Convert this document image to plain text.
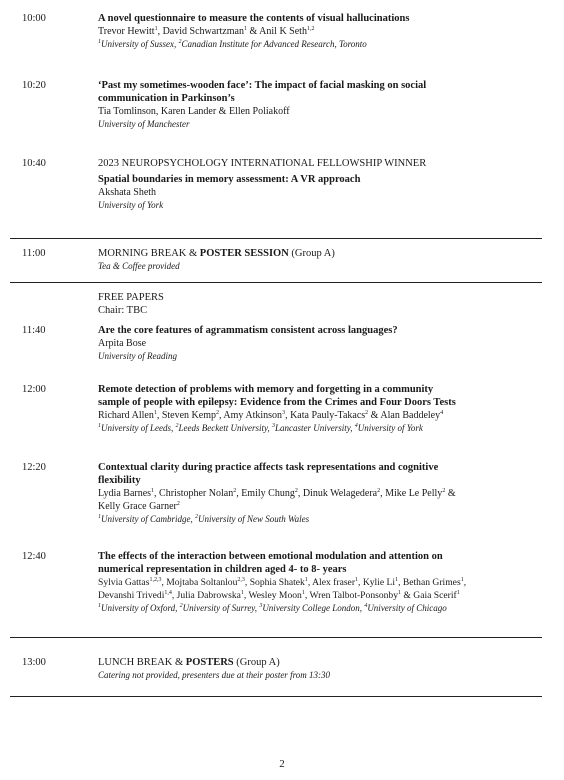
10:00	A novel questionnaire to measure the contents of visual hallucinations
Trevor Hewitt$^1$, David Schwartzman$^1$ & Anil K Seth$^{1,2}$
$^1$University of Sussex, $^2$Canadian Institute for Advanced Research, Toronto
10:20	‘Past my sometimes-wooden face’: The impact of facial masking on social
communication in Parkinson’s
Tia Tomlinson, Karen Lander & Ellen Poliakoff
University of Manchester
10:40	2023 NEUROPSYCHOLOGY INTERNATIONAL FELLOWSHIP WINNER
Spatial boundaries in memory assessment: A VR approach
Akshata Sheth
University of York
11:00	MORNING BREAK & POSTER SESSION (Group A)
Tea & Coffee provided
FREE PAPERS
Chair: TBC
11:40	Are the core features of agrammatism consistent across languages?
Arpita Bose
University of Reading
12:00	Remote detection of problems with memory and forgetting in a community
sample of people with epilepsy: Evidence from the Crimes and Four Doors Tests
Richard Allen$^1$, Steven Kemp$^2$, Amy Atkinson$^3$, Kata Pauly-Takacs$^2$ & Alan Baddeley$^4$
$^1$University of Leeds, $^2$Leeds Beckett University, $^3$Lancaster University, $^4$University of York
12:20	Contextual clarity during practice affects task representations and cognitive
flexibility
Lydia Barnes$^1$, Christopher Nolan$^2$, Emily Chung$^2$, Dinuk Welagedera$^2$, Mike Le Pelly$^2$ &
Kelly Grace Garner$^2$
$^1$University of Cambridge, $^2$University of New South Wales
12:40	The effects of the interaction between emotional modulation and attention on
numerical representation in children aged 4- to 8- years
Sylvia Gattas$^{1,2,3}$, Mojtaba Soltanlou$^{2,3}$, Sophia Shatek$^1$, Alex fraser$^1$, Kylie Li$^1$, Bethan Grimes$^1$,
Devanshi Trivedi$^{1,4}$, Julia Dabrowska$^1$, Wesley Moon$^1$, Wren Talbot-Ponsonby$^1$ & Gaia Scerif$^1$
$^1$University of Oxford, $^2$University of Surrey, $^3$University College London, $^4$University of Chicago
13:00	LUNCH BREAK & POSTERS (Group A)
Catering not provided, presenters due at their poster from 13:30
2
